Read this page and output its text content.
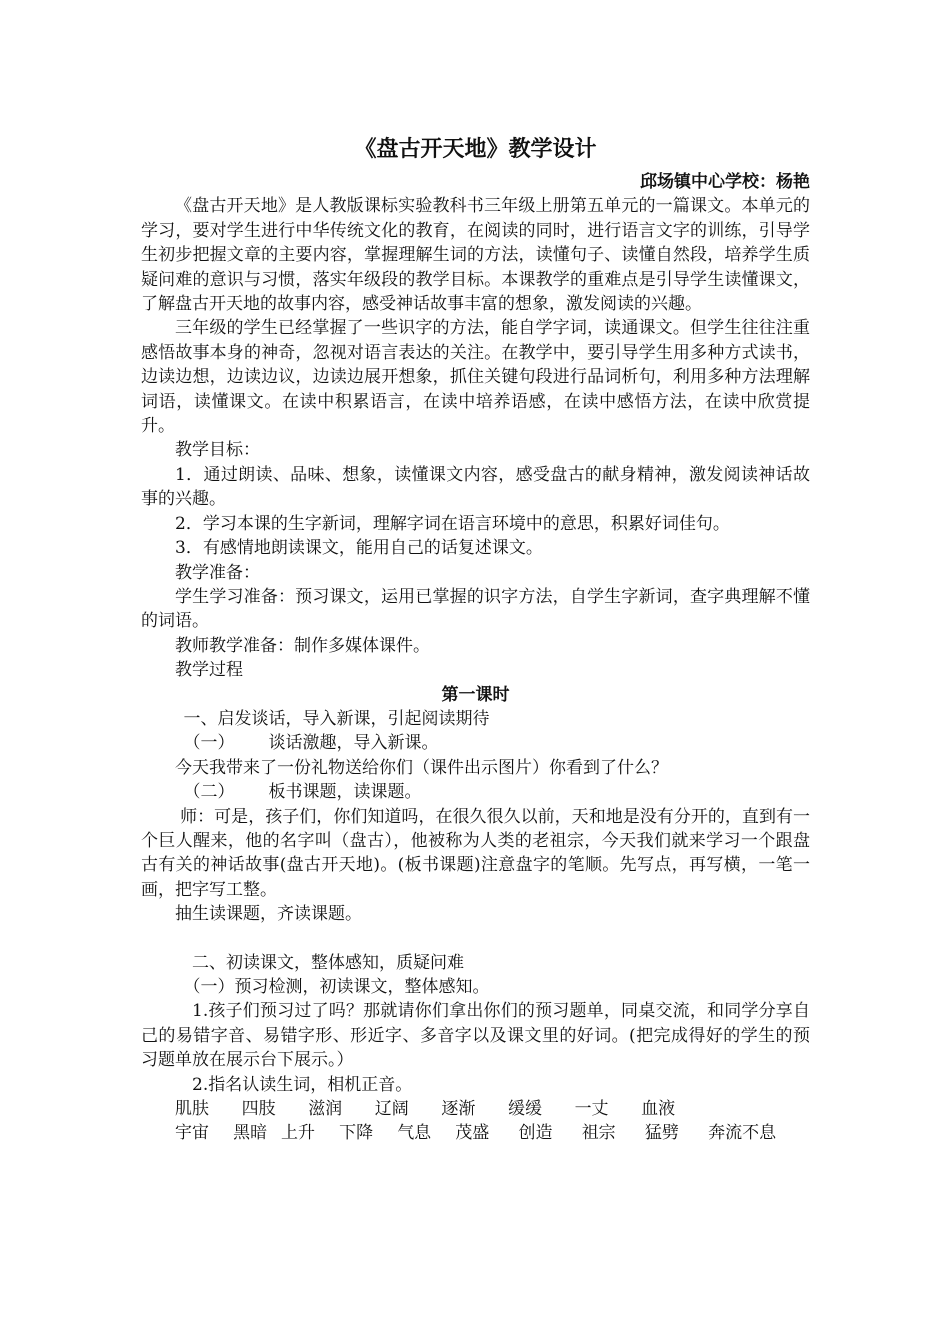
《盘古开天地》教学设计

邱场镇中心学校：杨艳

《盘古开天地》是人教版课标实验教科书三年级上册第五单元的一篇课文。本单元的学习，要对学生进行中华传统文化的教育，在阅读的同时，进行语言文字的训练，引导学生初步把握文章的主要内容，掌握理解生词的方法，读懂句子、读懂自然段，培养学生质疑问难的意识与习惯，落实年级段的教学目标。本课教学的重难点是引导学生读懂课文，了解盘古开天地的故事内容，感受神话故事丰富的想象，激发阅读的兴趣。

三年级的学生已经掌握了一些识字的方法，能自学字词，读通课文。但学生往往注重感悟故事本身的神奇，忽视对语言表达的关注。在教学中，要引导学生用多种方式读书，边读边想，边读边议，边读边展开想象，抓住关键句段进行品词析句，利用多种方法理解词语，读懂课文。在读中积累语言，在读中培养语感，在读中感悟方法，在读中欣赏提升。

教学目标：

1．通过朗读、品味、想象，读懂课文内容，感受盘古的献身精神，激发阅读神话故事的兴趣。

2．学习本课的生字新词，理解字词在语言环境中的意思，积累好词佳句。

3．有感情地朗读课文，能用自己的话复述课文。

教学准备：

学生学习准备：预习课文，运用已掌握的识字方法，自学生字新词，查字典理解不懂的词语。

教师教学准备：制作多媒体课件。

教学过程

第一课时

一、启发谈话，导入新课，引起阅读期待

（一） 谈话激趣，导入新课。

今天我带来了一份礼物送给你们（课件出示图片）你看到了什么？

（二） 板书课题，读课题。

师：可是，孩子们，你们知道吗，在很久很久以前，天和地是没有分开的，直到有一个巨人醒来，他的名字叫（盘古），他被称为人类的老祖宗，今天我们就来学习一个跟盘古有关的神话故事(盘古开天地)。(板书课题)注意盘字的笔顺。先写点，再写横，一笔一画，把字写工整。

抽生读课题，齐读课题。

二、初读课文，整体感知，质疑问难

（一）预习检测，初读课文，整体感知。

1.孩子们预习过了吗？那就请你们拿出你们的预习题单，同桌交流，和同学分享自己的易错字音、易错字形、形近字、多音字以及课文里的好词。(把完成得好的学生的预习题单放在展示台下展示。）

2.指名认读生词，相机正音。

肌肤 四肢 滋润 辽阔 逐渐 缓缓 一丈 血液

宇宙 黑暗 上升 下降 气息 茂盛 创造 祖宗 猛劈 奔流不息
